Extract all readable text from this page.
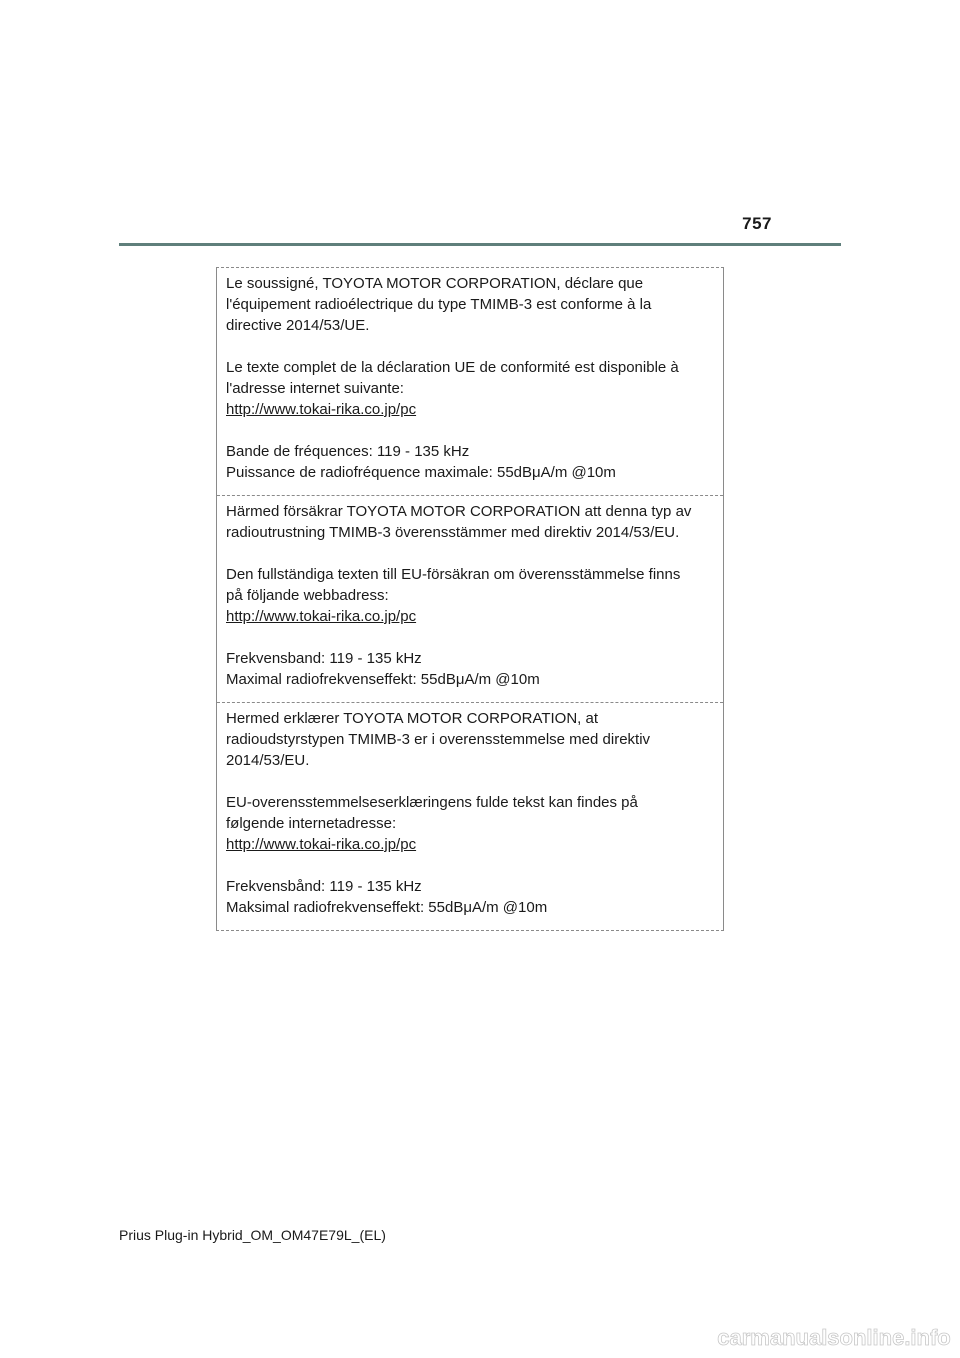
757

Le soussigné, TOYOTA MOTOR CORPORATION, déclare que

l'équipement radioélectrique du type TMIMB-3 est conforme à la

directive 2014/53/UE.

Le texte complet de la déclaration UE de conformité est disponible à

l'adresse internet suivante:

http://www.tokai-rika.co.jp/pc

Bande de fréquences: 119 - 135 kHz

Puissance de radiofréquence maximale: 55dBμA/m @10m

Härmed försäkrar TOYOTA MOTOR CORPORATION att denna typ av

radioutrustning TMIMB-3 överensstämmer med direktiv 2014/53/EU.

Den fullständiga texten till EU-försäkran om överensstämmelse finns

på följande webbadress:

http://www.tokai-rika.co.jp/pc

Frekvensband: 119 - 135 kHz

Maximal radiofrekvenseffekt: 55dBμA/m @10m

Hermed erklærer TOYOTA MOTOR CORPORATION, at

radioudstyrstypen TMIMB-3 er i overensstemmelse med direktiv

2014/53/EU.

EU-overensstemmelseserklæringens fulde tekst kan findes på

følgende internetadresse:

http://www.tokai-rika.co.jp/pc

Frekvensbånd: 119 - 135 kHz

Maksimal radiofrekvenseffekt: 55dBμA/m @10m

Prius Plug-in Hybrid_OM_OM47E79L_(EL)
carmanualsonline.info
